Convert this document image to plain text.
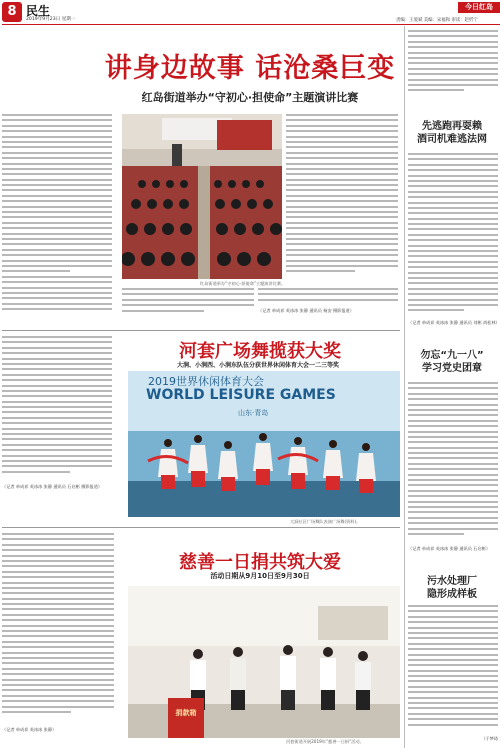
8 民生
2019年9月23日 星期一
今日红岛
责编：王爱斌 美编：宋福和 审读：赵忻宁
讲身边故事 话沧桑巨变
红岛街道举办“守初心·担使命”主题演讲比赛
红岛街道举办“守初心·担使命”主题演讲比赛。
（记者 单成祥 英冰冰 张静 通讯员 杨安 摄影报道）
（记者 单成祥 英冰冰 张静 通讯员 石启彬 摄影报道）
河套广场舞揽获大奖
大涧、小涧西、小涧东队伍分获世界休闲体育大会一二三等奖
2019世界休闲体育大会
WORLD LEISURE GAMES
山东·青岛
大涧社区广场舞队表演广场舞(资料)。
（记者 单成祥 英冰冰 张静）
慈善一日捐共筑大爱
活动日期从9月10日至9月30日
捐款箱
河套街道开展2019年“慈善一日捐”活动。
先逃跑再耍赖
酒司机难逃法网
（记者 单成祥 英冰冰 张静 通讯员 刘彬 尚松林）
勿忘“九一八”
学习党史团章
（记者 单成祥 英冰冰 张静 通讯员 石启彬）
污水处理厂
隐形成样板
（于梦琦
